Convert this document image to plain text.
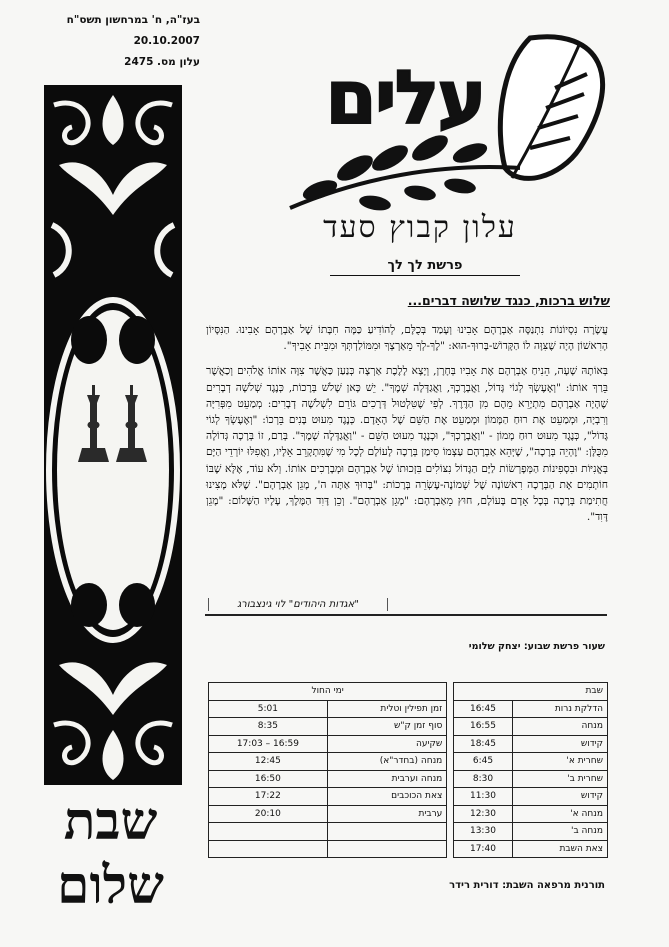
בעז"ה, ח' במרחשון תשס"ח
20.10.2007
עלון מס. 2475
שבת
שלום
עלים
עלון קבוץ סעד
פרשת לך לך
שלוש ברכות, כנגד שלושה דברים...

עֲשָׂרָה נִסְיוֹנוֹת נִתְנַסָּה אַבְרָהָם אָבִינוּ וְעָמַד בְּכֻלָּם, לְהוֹדִיעַ כַּמָּה חִבָּתוֹ שֶׁל אַבְרָהָם אָבִינוּ. הַנִּסָּיוֹן הָרִאשׁוֹן הָיָה שֶׁצִּוָּה לוֹ הַקָּדוֹשׁ-בָּרוּךְ-הוּא: "לֶךְ-לְךָ מֵאַרְצְךָ וּמִמּוֹלַדְתְּךָ וּמִבֵּית אָבִיךָ".

בְּאוֹתָהּ שָׁעָה, הֵנִיחַ אַבְרָהָם אֶת אָבִיו בְּחָרָן, וְיָצָא לָלֶכֶת אַרְצָה כְּנַעַן כַּאֲשֶׁר צִוָּה אוֹתוֹ אֱלֹהִים וְכַאֲשֶׁר בֵּרַךְ אוֹתוֹ: "וְאֶעֶשְׂךָ לְגוֹי גָּדוֹל, וַאֲבָרֶכְךָ, וַאֲגַדְּלָה שְׁמֶךָ". יֵשׁ כָּאן שָׁלֹשׁ בְּרָכוֹת, כְּנֶגֶד שְׁלֹשָׁה דְבָרִים שֶׁהָיָה אַבְרָהָם מִתְיָרֵא מֵהֶם מִן הַדֶּרֶךְ. לְפִי שֶׁטִּלְטוּל דְּרָכִים גּוֹרֵם לִשְׁלֹשָׁה דְבָרִים: מְמַעֵט מִפְּרִיָּה וְרִבְיָה, וּמְמַעֵט אֶת רוּחַ הַמָּמוֹן וּמְמַעֵט אֶת הַשֵּׁם שֶׁל הָאָדָם. כְּנֶגֶד מִעוּט בָּנִים בֵּרְכוֹ: "וְאֶעֶשְׂךָ לְגוֹי גָּדוֹל", כְּנֶגֶד מִעוּט רוּחַ מָמוֹן - "וַאֲבָרֶכְךָ", וּכְנֶגֶד מִעוּט הַשֵּׁם - "וַאֲגַדְּלָה שְׁמֶךָ". בְּרַם, זוֹ בְּרָכָה גְּדוֹלָה מִכֻּלָּן: "וֶהְיֵה בְּרָכָה", שֶׁיְּהֵא אַבְרָהָם עַצְמוֹ סִימַן בְּרָכָה לָעוֹלָם לְכָל מִי שֶׁמִּתְקָרֵב אֵלָיו, וַאֲפִלּוּ יוֹרְדֵי הַיָּם בְּאֳנִיּוֹת וּבִסְפִינוֹת הַמְּפָרְשׂוֹת לַיָּם הַגָּדוֹל נִצּוֹלִים בִּזְכוּתוֹ שֶׁל אַבְרָהָם וּמְבָרְכִים אוֹתוֹ. וְלֹא עוֹד, אֶלָּא שֶׁבּוֹ חוֹתְמִים אֶת הַבְּרָכָה רִאשׁוֹנָה שֶׁל שְׁמוֹנֶה-עֶשְׂרֵה בְּרָכוֹת: "בָּרוּךְ אַתָּה ה', מָגֵן אַבְרָהָם". שֶׁלֹּא מָצִינוּ חֲתִימַת בְּרָכָה בְּכָל אָדָם בָּעוֹלָם, חוּץ מֵאַבְרָהָם: "מָגֵן אַבְרָהָם". וְכֵן דָּוִד הַמֶּלֶךְ, עָלָיו הַשָּׁלוֹם: "מָגֵן דָּוִד".

"אגדות היהודים" לוי גינצבורג
שעור פרשת שבוע: יצחק שלומי
שבת			ימי החול	
הדלקת נרות	16:45		זמן תפילין וטלית	5:01
מנחה	16:55		סוף זמן ק"ש	8:35
קידוש	18:45		שקיעה	16:59 – 17:03
שחרית א'	6:45		מנחה (בחדר"א)	12:45
שחרית ב'	8:30		מנחה וערבית	16:50
קידוש	11:30		צאת הכוכבים	17:22
מנחה א'	12:30		ערבית	20:10
מנחה ב'	13:30			
צאת השבת	17:40			
תורנית מרפאה השבת: דורית רידר
